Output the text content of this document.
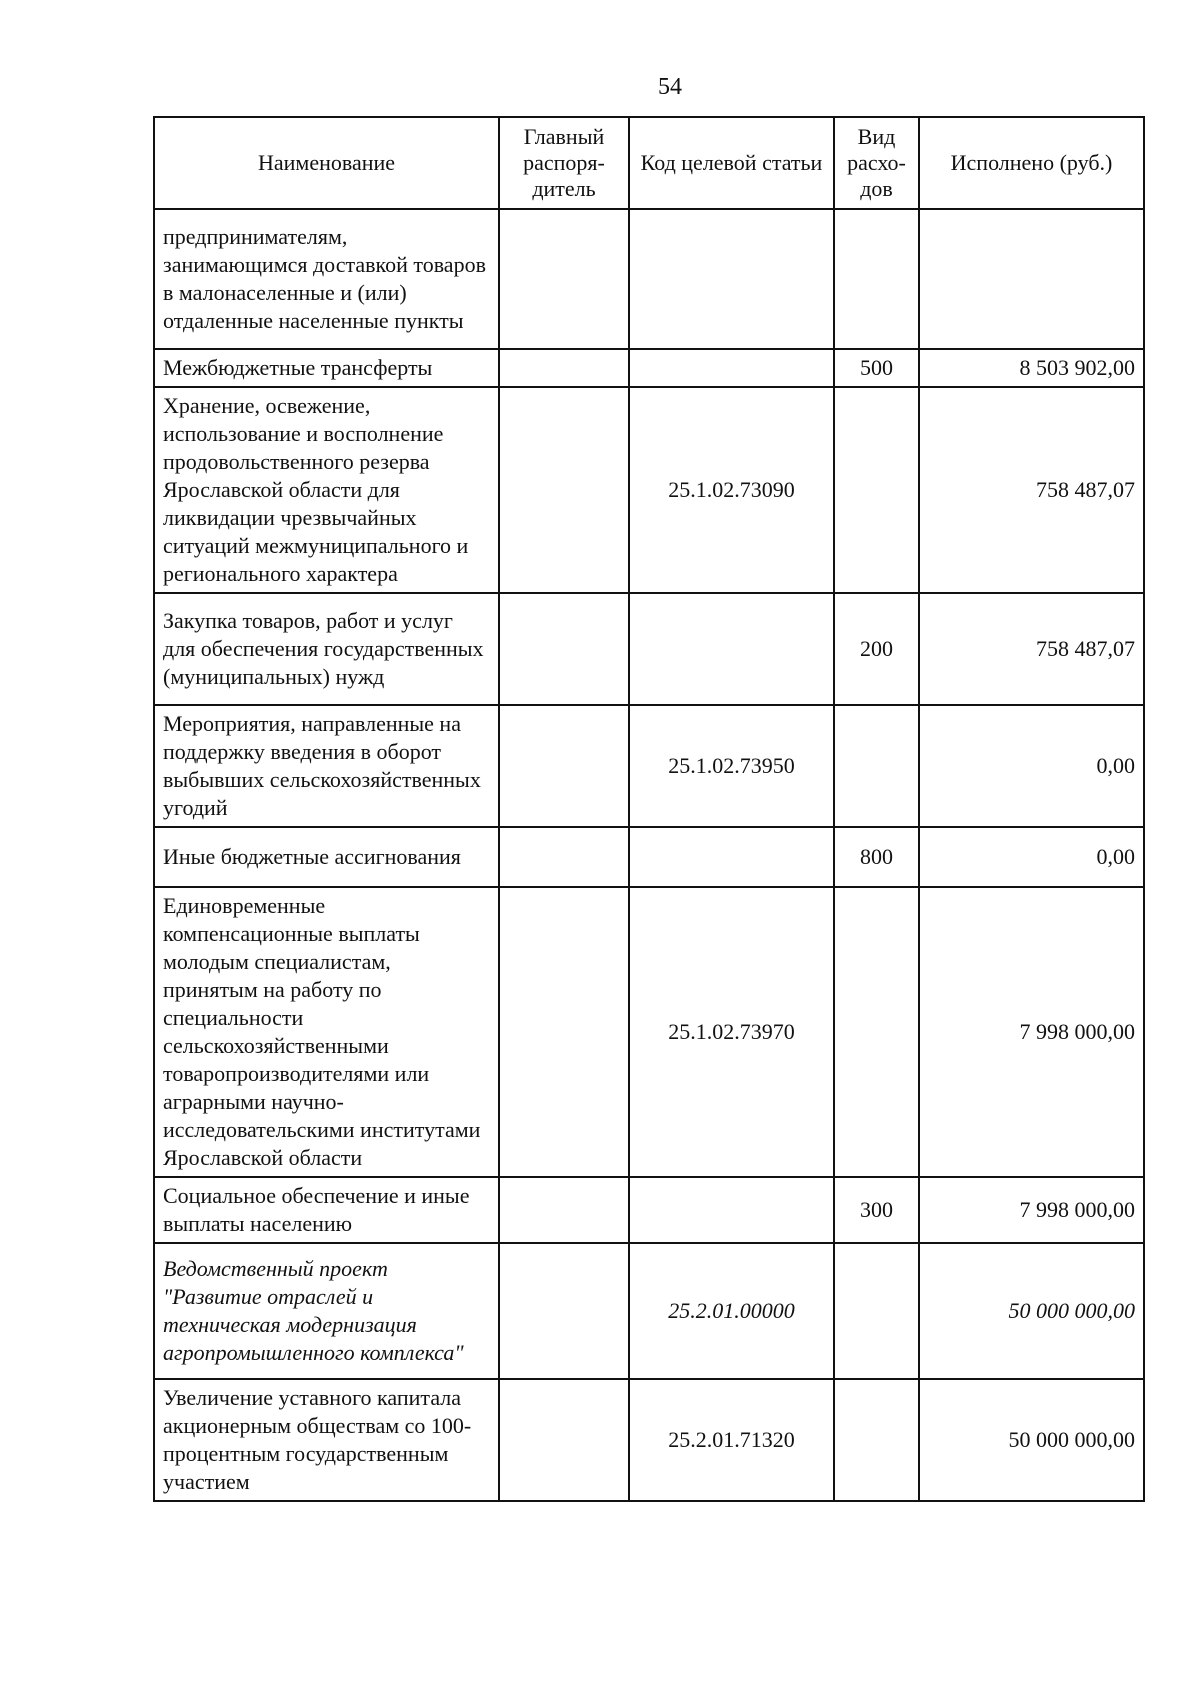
54
Наименование	Главный распоря-дитель	Код целевой статьи	Вид расхо-дов	Исполнено (руб.)
предпринимателям, занимающимся доставкой товаров в малонаселенные и (или) отдаленные населенные пункты				
Межбюджетные трансферты			500	8 503 902,00
Хранение, освежение, использование и восполнение продовольственного резерва Ярославской области для ликвидации чрезвычайных ситуаций межмуниципального и регионального характера		25.1.02.73090		758 487,07
Закупка товаров, работ и услуг для обеспечения государственных (муниципальных) нужд			200	758 487,07
Мероприятия, направленные на поддержку введения в оборот выбывших сельскохозяйственных угодий		25.1.02.73950		0,00
Иные бюджетные ассигнования			800	0,00
Единовременные компенсационные выплаты молодым специалистам, принятым на работу по специальности сельскохозяйственными товаропроизводителями или аграрными научно-исследовательскими институтами Ярославской области		25.1.02.73970		7 998 000,00
Социальное обеспечение и иные выплаты населению			300	7 998 000,00
Ведомственный проект "Развитие отраслей и техническая модернизация агропромышленного комплекса"		25.2.01.00000		50 000 000,00
Увеличение уставного капитала акционерным обществам со 100-процентным государственным участием		25.2.01.71320		50 000 000,00
